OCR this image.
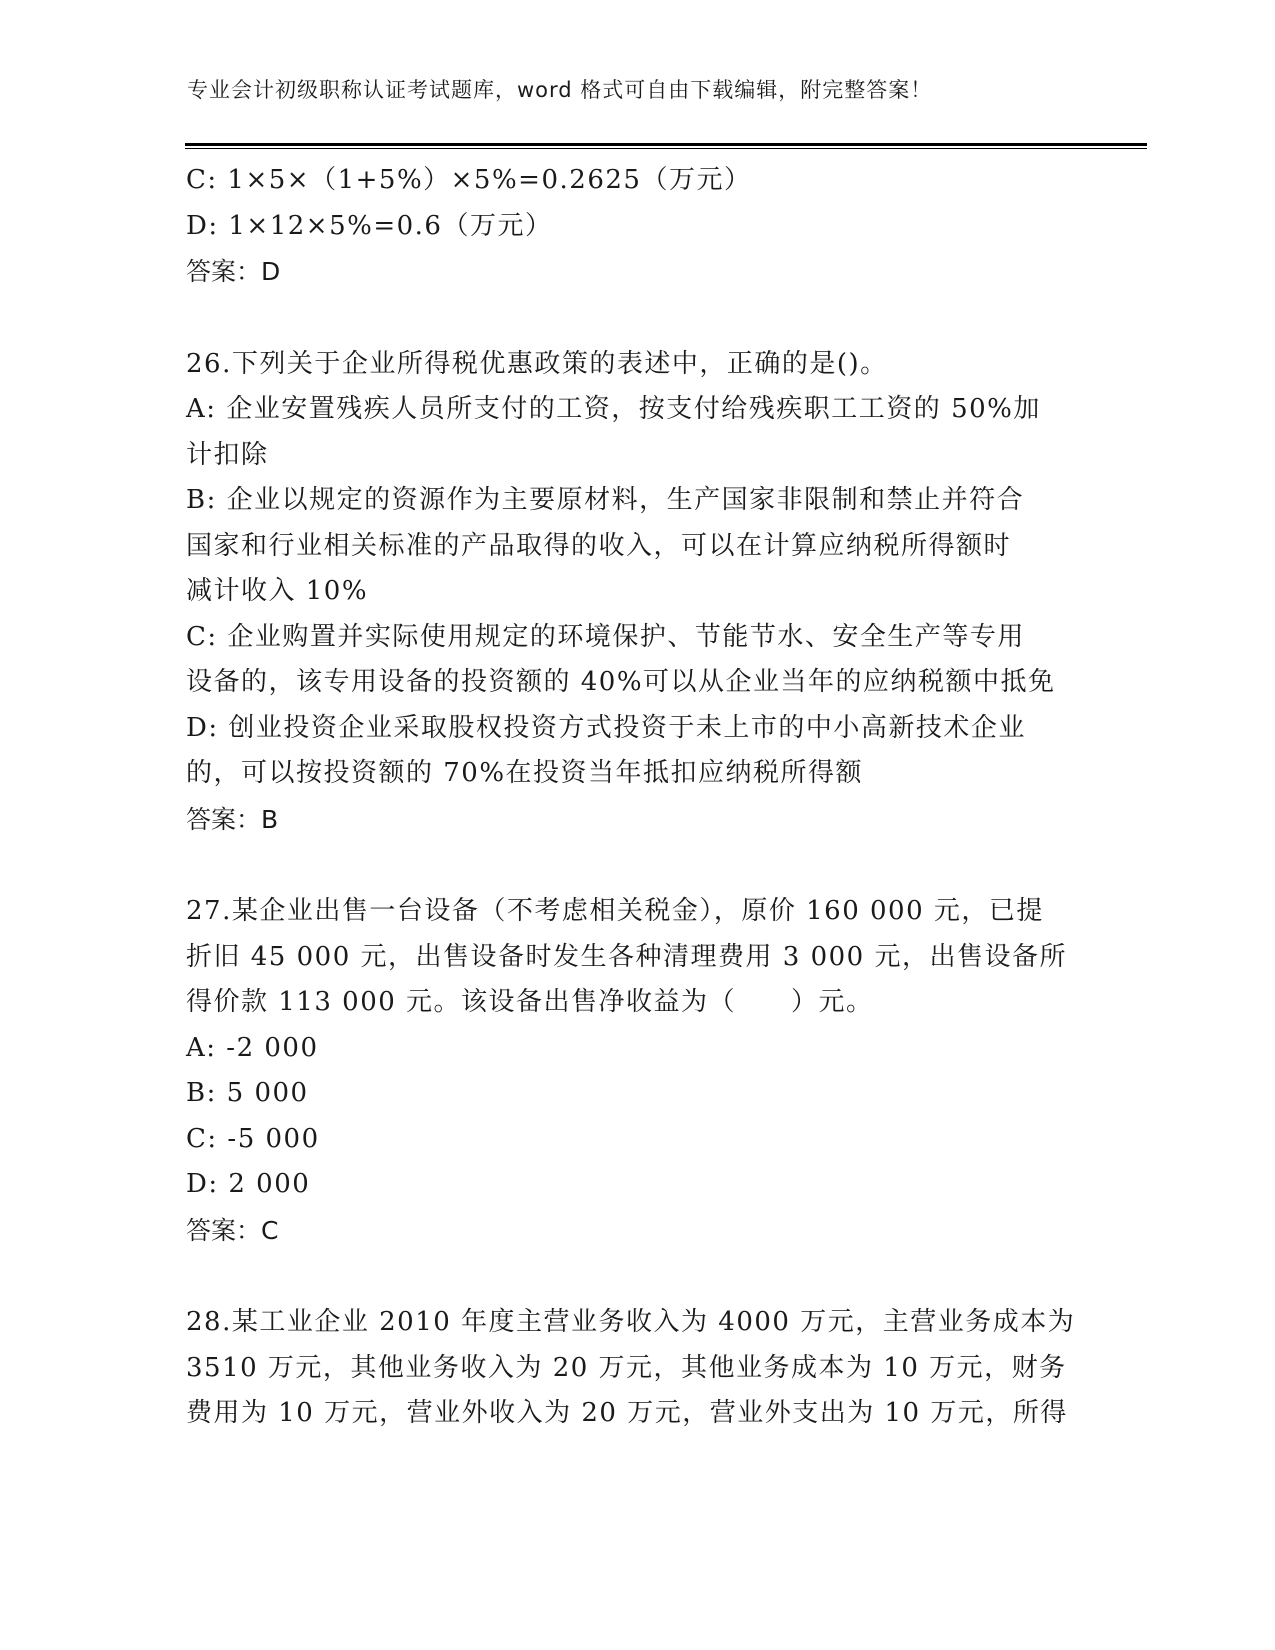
专业会计初级职称认证考试题库，word 格式可自由下载编辑，附完整答案！
C: 1×5×（1+5%）×5%=0.2625（万元）
D: 1×12×5%=0.6（万元）
答案：D
26.下列关于企业所得税优惠政策的表述中，正确的是()。
A: 企业安置残疾人员所支付的工资，按支付给残疾职工工资的 50%加
计扣除
B: 企业以规定的资源作为主要原材料，生产国家非限制和禁止并符合
国家和行业相关标准的产品取得的收入，可以在计算应纳税所得额时
减计收入 10%
C: 企业购置并实际使用规定的环境保护、节能节水、安全生产等专用
设备的，该专用设备的投资额的 40%可以从企业当年的应纳税额中抵免
D: 创业投资企业采取股权投资方式投资于未上市的中小高新技术企业
的，可以按投资额的 70%在投资当年抵扣应纳税所得额
答案：B
27.某企业出售一台设备（不考虑相关税金），原价 160 000 元，已提
折旧 45 000 元，出售设备时发生各种清理费用 3 000 元，出售设备所
得价款 113 000 元。该设备出售净收益为（　　）元。
A: -2 000
B: 5 000
C: -5 000
D: 2 000
答案：C
28.某工业企业 2010 年度主营业务收入为 4000 万元，主营业务成本为
3510 万元，其他业务收入为 20 万元，其他业务成本为 10 万元，财务
费用为 10 万元，营业外收入为 20 万元，营业外支出为 10 万元，所得
